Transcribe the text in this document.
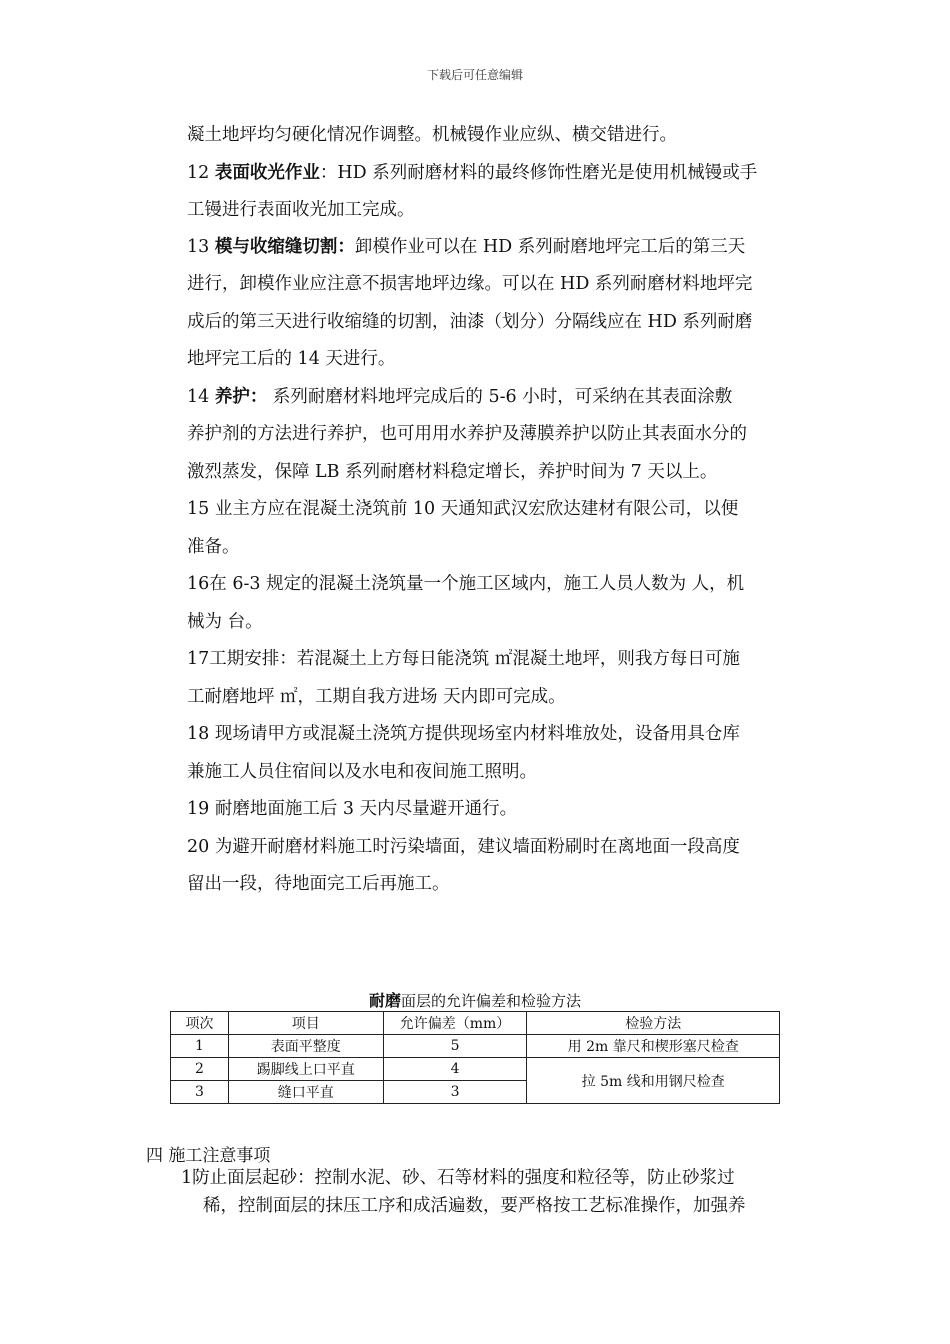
下载后可任意编辑
凝土地坪均匀硬化情况作调整。机械镘作业应纵、横交错进行。
12 表面收光作业：HD 系列耐磨材料的最终修饰性磨光是使用机械镘或手
工镘进行表面收光加工完成。
13 模与收缩缝切割：卸模作业可以在 HD 系列耐磨地坪完工后的第三天
进行，卸模作业应注意不损害地坪边缘。可以在 HD 系列耐磨材料地坪完
成后的第三天进行收缩缝的切割，油漆（划分）分隔线应在 HD 系列耐磨
地坪完工后的 14 天进行。
14 养护： 系列耐磨材料地坪完成后的 5-6 小时，可采纳在其表面涂敷
养护剂的方法进行养护，也可用用水养护及薄膜养护以防止其表面水分的
激烈蒸发，保障 LB 系列耐磨材料稳定增长，养护时间为 7 天以上。
15 业主方应在混凝土浇筑前 10 天通知武汉宏欣达建材有限公司，以便
准备。
16在 6-3 规定的混凝土浇筑量一个施工区域内，施工人员人数为 人，机
械为 台。
17工期安排：若混凝土上方每日能浇筑 ㎡混凝土地坪，则我方每日可施
工耐磨地坪 ㎡，工期自我方进场 天内即可完成。
18 现场请甲方或混凝土浇筑方提供现场室内材料堆放处，设备用具仓库
兼施工人员住宿间以及水电和夜间施工照明。
19 耐磨地面施工后 3 天内尽量避开通行。
20 为避开耐磨材料施工时污染墙面，建议墙面粉刷时在离地面一段高度
留出一段，待地面完工后再施工。
耐磨面层的允许偏差和检验方法
项次	项目	允许偏差（mm）	检验方法
1	表面平整度	5	用 2m 靠尺和楔形塞尺检查
2	踢脚线上口平直	4	拉 5m 线和用钢尺检查
3	缝口平直	3	
四 施工注意事项
1防止面层起砂：控制水泥、砂、石等材料的强度和粒径等，防止砂浆过
稀，控制面层的抹压工序和成活遍数，要严格按工艺标准操作，加强养
